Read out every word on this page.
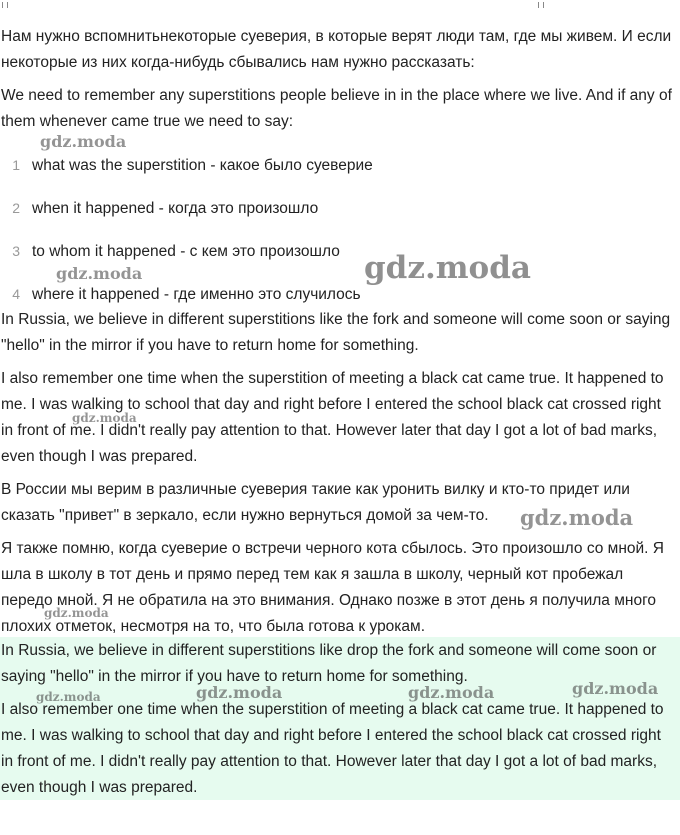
Нам нужно вспомнитьнекоторые суеверия, в которые верят люди там, где мы живем. И если некоторые из них когда-нибудь сбывались нам нужно рассказать:

We need to remember any superstitions people believe in in the place where we live. And if any of them whenever came true we need to say:

1 what was the superstition - какое было суеверие
2 when it happened - когда это произошло
3 to whom it happened - с кем это произошло
4 where it happened - где именно это случилось

In Russia, we believe in different superstitions like the fork and someone will come soon or saying "hello" in the mirror if you have to return home for something.

I also remember one time when the superstition of meeting a black cat came true. It happened to me. I was walking to school that day and right before I entered the school black cat crossed right in front of me. I didn't really pay attention to that. However later that day I got a lot of bad marks, even though I was prepared.

В России мы верим в различные суеверия такие как уронить вилку и кто-то придет или сказать "привет" в зеркало, если нужно вернуться домой за чем-то.

Я также помню, когда суеверие о встречи черного кота сбылось. Это произошло со мной. Я шла в школу в тот день и прямо перед тем как я зашла в школу, черный кот пробежал передо мной. Я не обратила на это внимания. Однако позже в этот день я получила много плохих отметок, несмотря на то, что была готова к урокам.

In Russia, we believe in different superstitions like drop the fork and someone will come soon or saying "hello" in the mirror if you have to return home for something.

I also remember one time when the superstition of meeting a black cat came true. It happened to me. I was walking to school that day and right before I entered the school black cat crossed right in front of me. I didn't really pay attention to that. However later that day I got a lot of bad marks, even though I was prepared.

gdz.moda
gdz.moda
gdz.moda
gdz.moda
gdz.moda
gdz.moda
gdz.moda	gdz.moda	gdz.moda	gdz.moda
